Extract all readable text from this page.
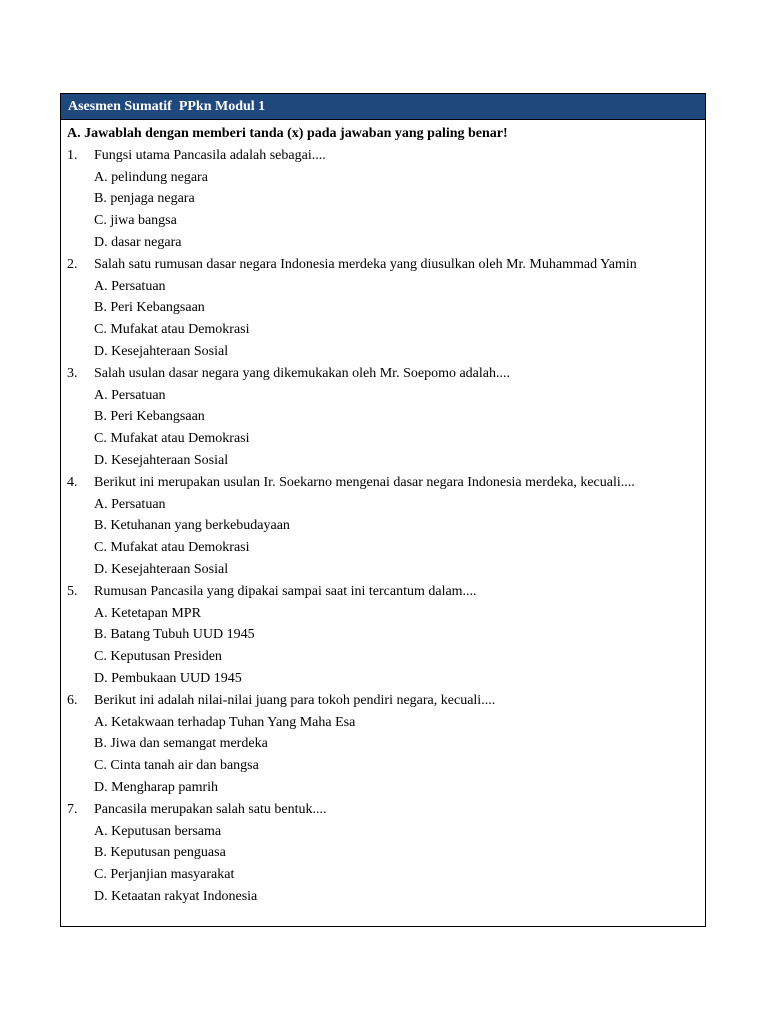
Asesmen Sumatif  PPkn Modul 1
A. Jawablah dengan memberi tanda (x) pada jawaban yang paling benar!
1. Fungsi utama Pancasila adalah sebagai....
A. pelindung negara
B. penjaga negara
C. jiwa bangsa
D. dasar negara
2. Salah satu rumusan dasar negara Indonesia merdeka yang diusulkan oleh Mr. Muhammad Yamin
A. Persatuan
B. Peri Kebangsaan
C. Mufakat atau Demokrasi
D. Kesejahteraan Sosial
3. Salah usulan dasar negara yang dikemukakan oleh Mr. Soepomo adalah....
A. Persatuan
B. Peri Kebangsaan
C. Mufakat atau Demokrasi
D. Kesejahteraan Sosial
4. Berikut ini merupakan usulan Ir. Soekarno mengenai dasar negara Indonesia merdeka, kecuali....
A. Persatuan
B. Ketuhanan yang berkebudayaan
C. Mufakat atau Demokrasi
D. Kesejahteraan Sosial
5. Rumusan Pancasila yang dipakai sampai saat ini tercantum dalam....
A. Ketetapan MPR
B. Batang Tubuh UUD 1945
C. Keputusan Presiden
D. Pembukaan UUD 1945
6. Berikut ini adalah nilai-nilai juang para tokoh pendiri negara, kecuali....
A. Ketakwaan terhadap Tuhan Yang Maha Esa
B. Jiwa dan semangat merdeka
C. Cinta tanah air dan bangsa
D. Mengharap pamrih
7. Pancasila merupakan salah satu bentuk....
A. Keputusan bersama
B. Keputusan penguasa
C. Perjanjian masyarakat
D. Ketaatan rakyat Indonesia
